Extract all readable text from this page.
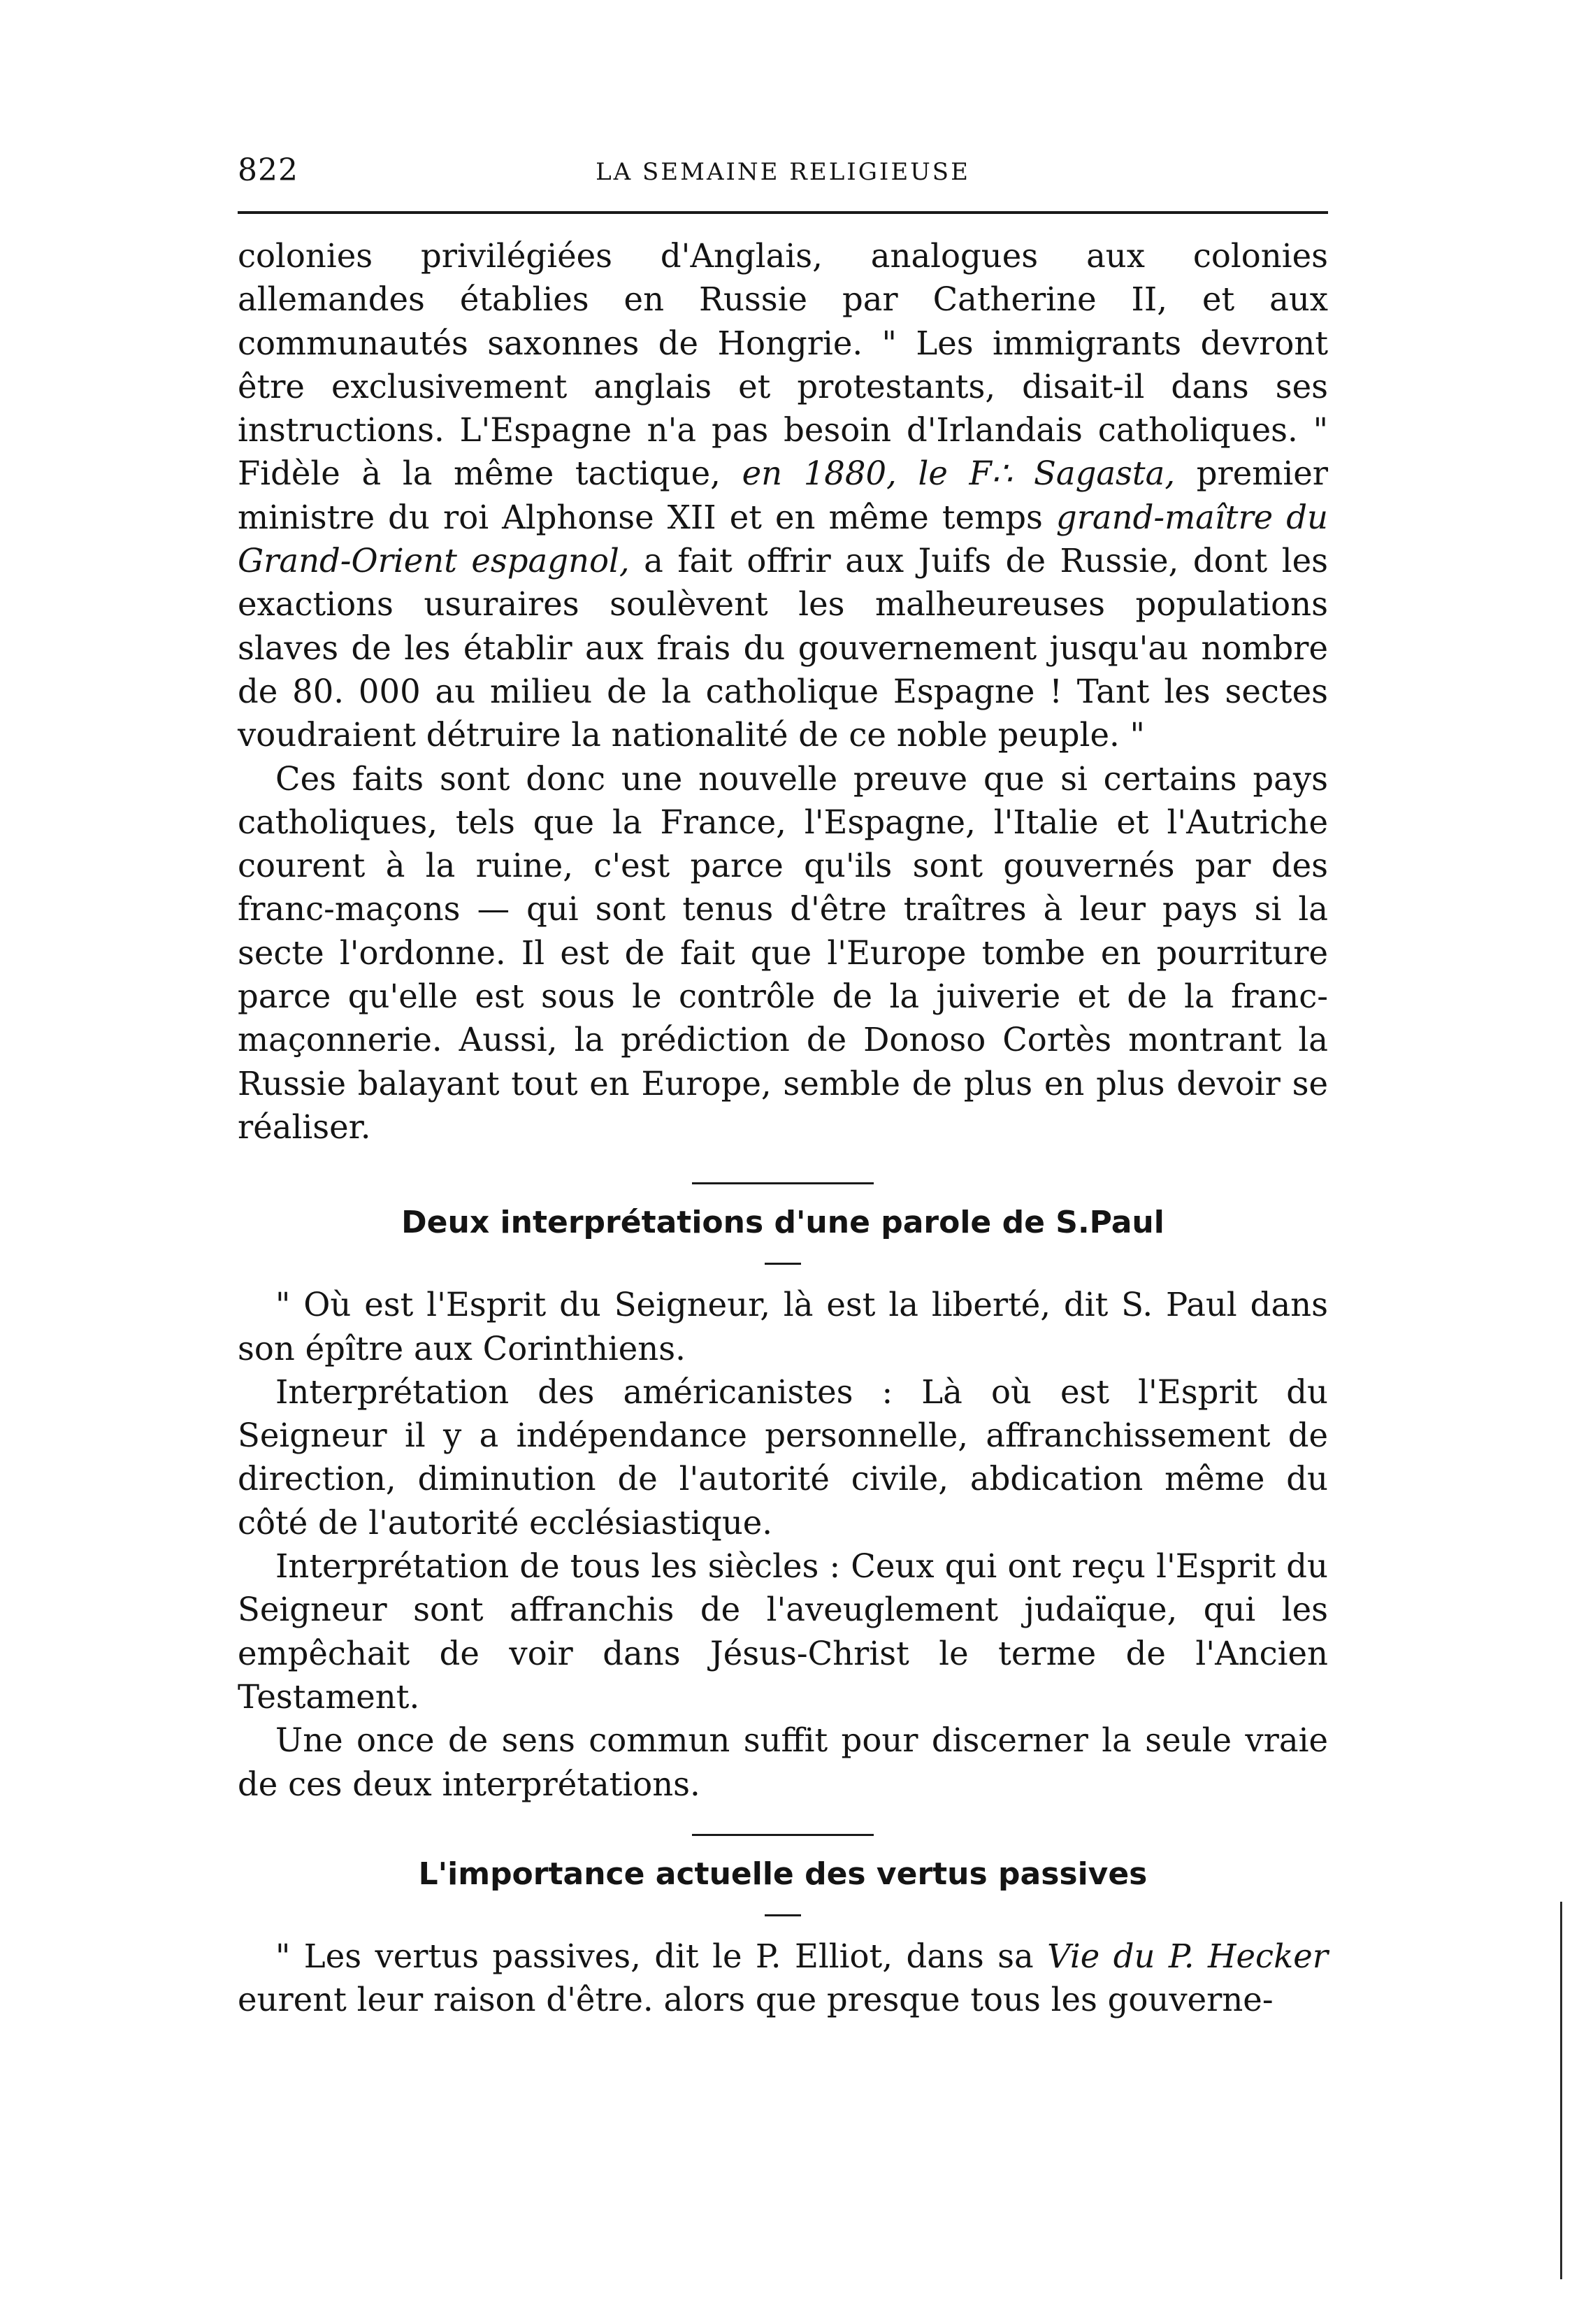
822	LA SEMAINE RELIGIEUSE

colonies privilégiées d'Anglais, analogues aux colonies allemandes établies en Russie par Catherine II, et aux communautés saxonnes de Hongrie. " Les immigrants devront être exclusivement anglais et protestants, disait-il dans ses instructions. L'Espagne n'a pas besoin d'Irlandais catholiques. " Fidèle à la même tactique, en 1880, le F∴ Sagasta, premier ministre du roi Alphonse XII et en même temps grand-maître du Grand-Orient espagnol, a fait offrir aux Juifs de Russie, dont les exactions usuraires soulèvent les malheureuses populations slaves de les établir aux frais du gouvernement jusqu'au nombre de 80. 000 au milieu de la catholique Espagne ! Tant les sectes voudraient détruire la nationalité de ce noble peuple. "

Ces faits sont donc une nouvelle preuve que si certains pays catholiques, tels que la France, l'Espagne, l'Italie et l'Autriche courent à la ruine, c'est parce qu'ils sont gouvernés par des franc-maçons — qui sont tenus d'être traîtres à leur pays si la secte l'ordonne. Il est de fait que l'Europe tombe en pourriture parce qu'elle est sous le contrôle de la juiverie et de la franc-maçonnerie. Aussi, la prédiction de Donoso Cortès montrant la Russie balayant tout en Europe, semble de plus en plus devoir se réaliser.

Deux interprétations d'une parole de S.Paul

" Où est l'Esprit du Seigneur, là est la liberté, dit S. Paul dans son épître aux Corinthiens.

Interprétation des américanistes : Là où est l'Esprit du Seigneur il y a indépendance personnelle, affranchissement de direction, diminution de l'autorité civile, abdication même du côté de l'autorité ecclésiastique.

Interprétation de tous les siècles : Ceux qui ont reçu l'Esprit du Seigneur sont affranchis de l'aveuglement judaïque, qui les empêchait de voir dans Jésus-Christ le terme de l'Ancien Testament.

Une once de sens commun suffit pour discerner la seule vraie de ces deux interprétations.

L'importance actuelle des vertus passives

" Les vertus passives, dit le P. Elliot, dans sa Vie du P. Hecker eurent leur raison d'être. alors que presque tous les gouverne-
